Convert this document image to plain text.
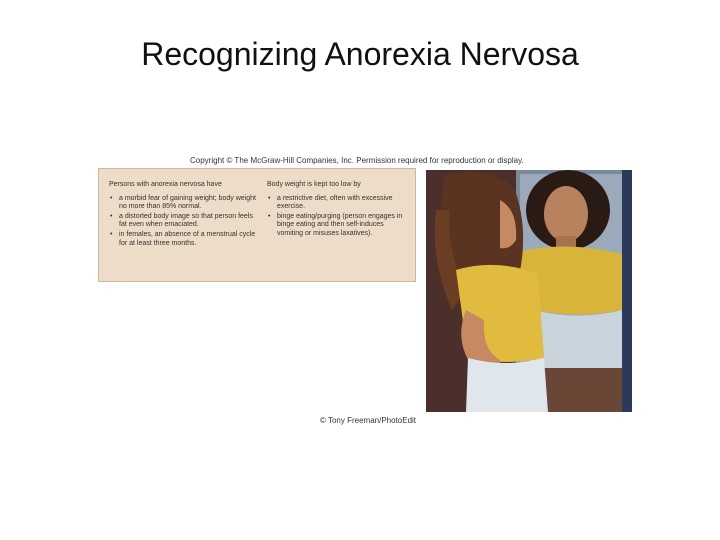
Recognizing Anorexia Nervosa
Copyright © The McGraw-Hill Companies, Inc. Permission required for reproduction or display.
Persons with anorexia nervosa have
• a morbid fear of gaining weight; body weight no more than 85% normal.
• a distorted body image so that person feels fat even when emaciated.
• in females, an absence of a menstrual cycle for at least three months.
Body weight is kept too low by
• a restrictive diet, often with excessive exercise.
• binge eating/purging (person engages in binge eating and then self-induces vomiting or misuses laxatives).
© Tony Freeman/PhotoEdit
